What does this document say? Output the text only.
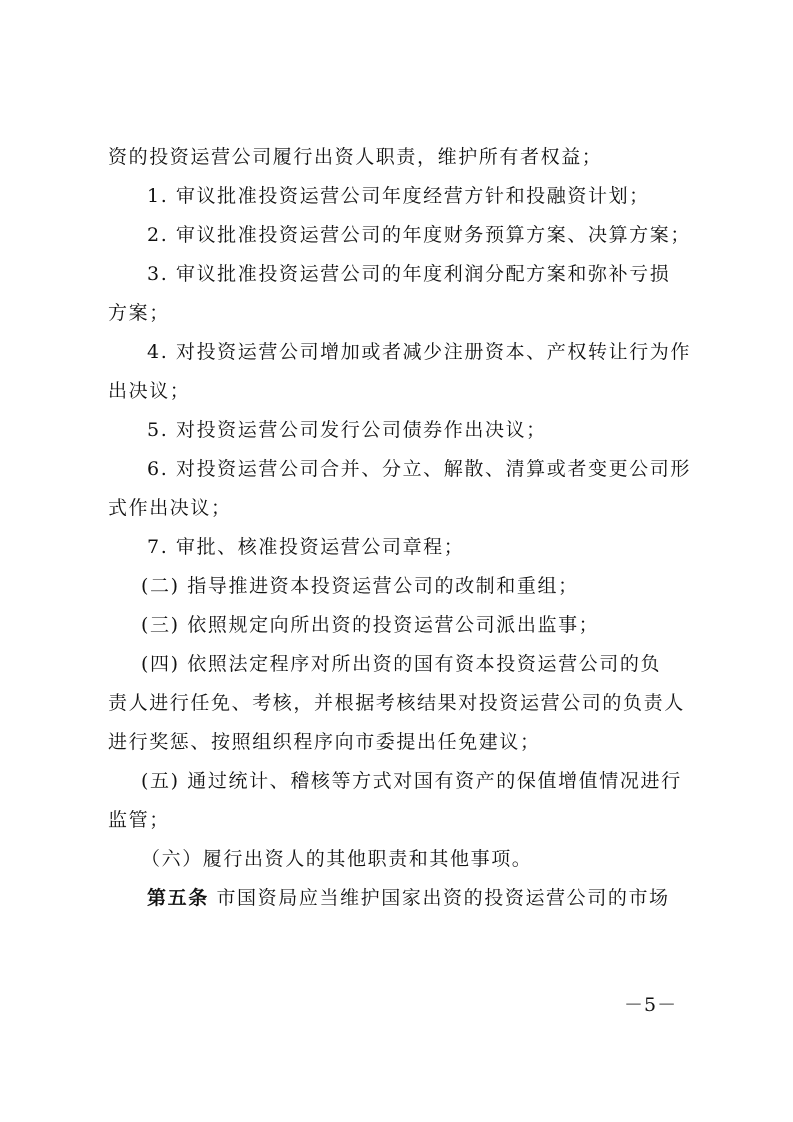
资的投资运营公司履行出资人职责，维护所有者权益；
1. 审议批准投资运营公司年度经营方针和投融资计划；
2. 审议批准投资运营公司的年度财务预算方案、决算方案；
3. 审议批准投资运营公司的年度利润分配方案和弥补亏损
方案；
4. 对投资运营公司增加或者减少注册资本、产权转让行为作
出决议；
5. 对投资运营公司发行公司债券作出决议；
6. 对投资运营公司合并、分立、解散、清算或者变更公司形
式作出决议；
7. 审批、核准投资运营公司章程；
(二) 指导推进资本投资运营公司的改制和重组；
(三) 依照规定向所出资的投资运营公司派出监事；
(四) 依照法定程序对所出资的国有资本投资运营公司的负
责人进行任免、考核，并根据考核结果对投资运营公司的负责人
进行奖惩、按照组织程序向市委提出任免建议；
(五) 通过统计、稽核等方式对国有资产的保值增值情况进行
监管；
（六）履行出资人的其他职责和其他事项。
第五条 市国资局应当维护国家出资的投资运营公司的市场
－5－
